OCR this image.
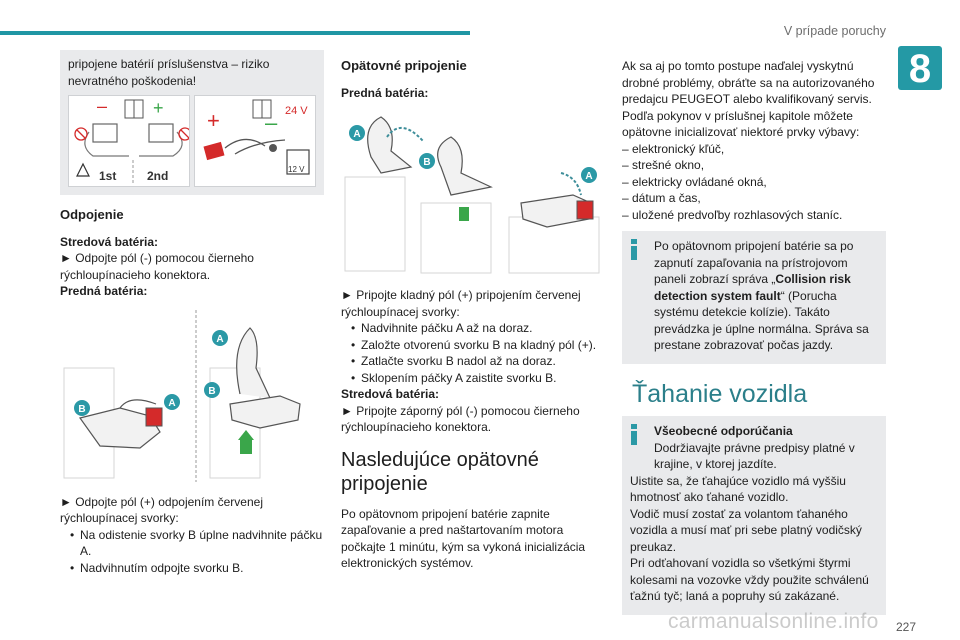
V prípade poruchy
8

pripojene batérií príslušenstva – riziko nevratného poškodenia!

–	+
1st	2nd
+ – 24 V
12 V
Odpojenie
Stredová batéria:
► Odpojte pól (-) pomocou čierneho rýchloupínacieho konektora.
Predná batéria:
B
A
A
B
► Odpojte pól (+) odpojením červenej rýchloupínacej svorky:
• Na odistenie svorky B úplne nadvihnite páčku A.
• Nadvihnutím odpojte svorku B.
Opätovné pripojenie
Predná batéria:
A
B
A
► Pripojte kladný pól (+) pripojením červenej rýchloupínacej svorky:
• Nadvihnite páčku A až na doraz.
• Založte otvorenú svorku B na kladný pól (+).
• Zatlačte svorku B nadol až na doraz.
• Sklopením páčky A zaistite svorku B.
Stredová batéria:
► Pripojte záporný pól (-) pomocou čierneho rýchloupínacieho konektora.
Nasledujúce opätovné pripojenie

Po opätovnom pripojení batérie zapnite zapaľovanie a pred naštartovaním motora počkajte 1 minútu, kým sa vykoná inicializácia elektronických systémov.

Ak sa aj po tomto postupe naďalej vyskytnú drobné problémy, obráťte sa na autorizovaného predajcu PEUGEOT alebo kvalifikovaný servis. Podľa pokynov v príslušnej kapitole môžete opätovne inicializovať niektoré prvky výbavy:

– elektronický kľúč,
– strešné okno,
– elektricky ovládané okná,
– dátum a čas,
– uložené predvoľby rozhlasových staníc.

Po opätovnom pripojení batérie sa po zapnutí zapaľovania na prístrojovom paneli zobrazí správa „Collision risk detection system fault“ (Porucha systému detekcie kolízie). Takáto prevádzka je úplne normálna. Správa sa prestane zobrazovať počas jazdy.

Ťahanie vozidla

Všeobecné odporúčania

Dodržiavajte právne predpisy platné v krajine, v ktorej jazdíte.

Uistite sa, že ťahajúce vozidlo má vyššiu hmotnosť ako ťahané vozidlo.

Vodič musí zostať za volantom ťahaného vozidla a musí mať pri sebe platný vodičský preukaz.

Pri odťahovaní vozidla so všetkými štyrmi kolesami na vozovke vždy použite schválenú ťažnú tyč; laná a popruhy sú zakázané.

carmanualsonline.info 227
